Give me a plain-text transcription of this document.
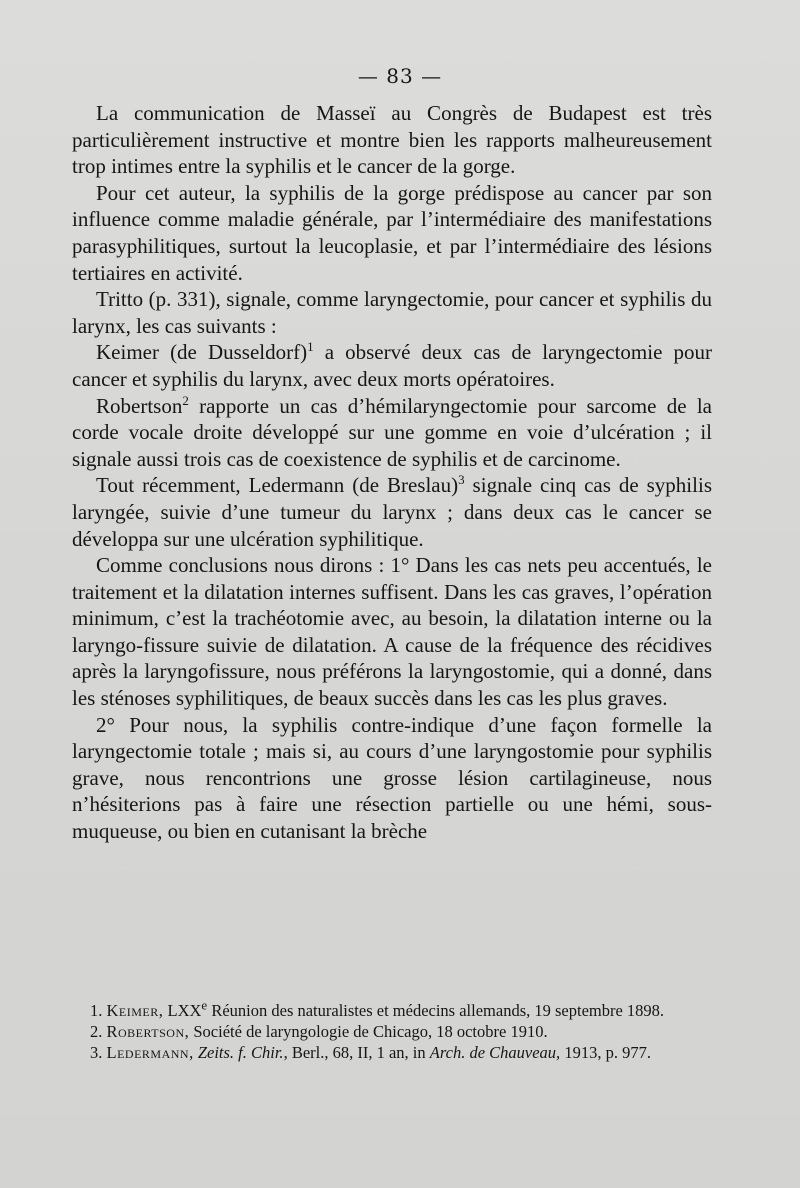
— 83 —

La communication de Masseï au Congrès de Budapest est très particulièrement instructive et montre bien les rapports malheureusement trop intimes entre la syphilis et le cancer de la gorge.

Pour cet auteur, la syphilis de la gorge prédispose au cancer par son influence comme maladie générale, par l’intermédiaire des manifestations parasyphilitiques, surtout la leucoplasie, et par l’intermédiaire des lésions tertiaires en activité.

Tritto (p. 331), signale, comme laryngectomie, pour cancer et syphilis du larynx, les cas suivants :

Keimer (de Dusseldorf)$^1$ a observé deux cas de laryngectomie pour cancer et syphilis du larynx, avec deux morts opératoires.

Robertson$^2$ rapporte un cas d’hémilaryngectomie pour sarcome de la corde vocale droite développé sur une gomme en voie d’ulcération ; il signale aussi trois cas de coexistence de syphilis et de carcinome.

Tout récemment, Ledermann (de Breslau)$^3$ signale cinq cas de syphilis laryngée, suivie d’une tumeur du larynx ; dans deux cas le cancer se développa sur une ulcération syphilitique.

Comme conclusions nous dirons : 1° Dans les cas nets peu accentués, le traitement et la dilatation internes suffisent. Dans les cas graves, l’opération minimum, c’est la trachéotomie avec, au besoin, la dilatation interne ou la laryngo-fissure suivie de dilatation. A cause de la fréquence des récidives après la laryngofissure, nous préférons la laryngostomie, qui a donné, dans les sténoses syphilitiques, de beaux succès dans les cas les plus graves.

2° Pour nous, la syphilis contre-indique d’une façon formelle la laryngectomie totale ; mais si, au cours d’une laryngostomie pour syphilis grave, nous rencontrions une grosse lésion cartilagineuse, nous n’hésiterions pas à faire une résection partielle ou une hémi, sous-muqueuse, ou bien en cutanisant la brèche

1. Keimer, LXXe Réunion des naturalistes et médecins allemands, 19 septembre 1898.

2. Robertson, Société de laryngologie de Chicago, 18 octobre 1910.

3. Ledermann, Zeits. f. Chir., Berl., 68, II, 1 an, in Arch. de Chauveau, 1913, p. 977.
